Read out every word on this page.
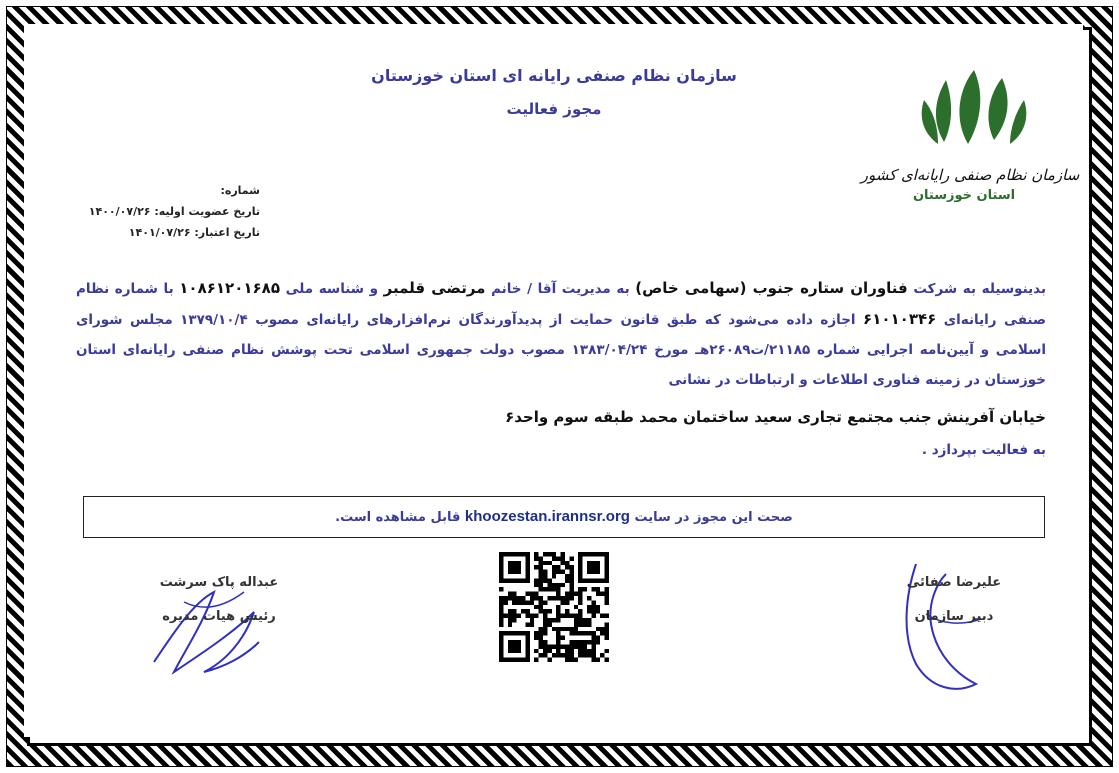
سازمان نظام صنفی رایانه ای استان خوزستان
مجوز فعالیت
سازمان نظام صنفی رایانه‌ای کشور
استان خوزستان
شماره:
تاریخ عضویت اولیه: ۱۴۰۰/۰۷/۲۶
تاریخ اعتبار: ۱۴۰۱/۰۷/۲۶
بدینوسیله به شرکت فناوران ستاره جنوب (سهامی خاص) به مدیریت آقا / خانم مرتضی قلمبر و شناسه ملی ۱۰۸۶۱۲۰۱۶۸۵ با شماره نظام صنفی رایانه‌ای ۶۱۰۱۰۳۴۶ اجازه داده می‌شود که طبق قانون حمایت از پدیدآورندگان نرم‌افزارهای رایانه‌ای مصوب ۱۳۷۹/۱۰/۴ مجلس شورای اسلامی و آیین‌نامه اجرایی شماره ۲۱۱۸۵/ت۲۶۰۸۹هـ مورخ ۱۳۸۳/۰۴/۲۴ مصوب دولت جمهوری اسلامی تحت پوشش نظام صنفی رایانه‌ای استان خوزستان در زمینه فناوری اطلاعات و ارتباطات در نشانی
خیابان آفرینش جنب مجتمع تجاری سعید ساختمان محمد طبقه سوم واحد۶
به فعالیت بپردازد .
صحت این مجوز در سایت khoozestan.irannsr.org قابل مشاهده است.
عبداله پاک سرشت
رئیس هیات مدیره
علیرضا صفائی
دبیر سازمان
